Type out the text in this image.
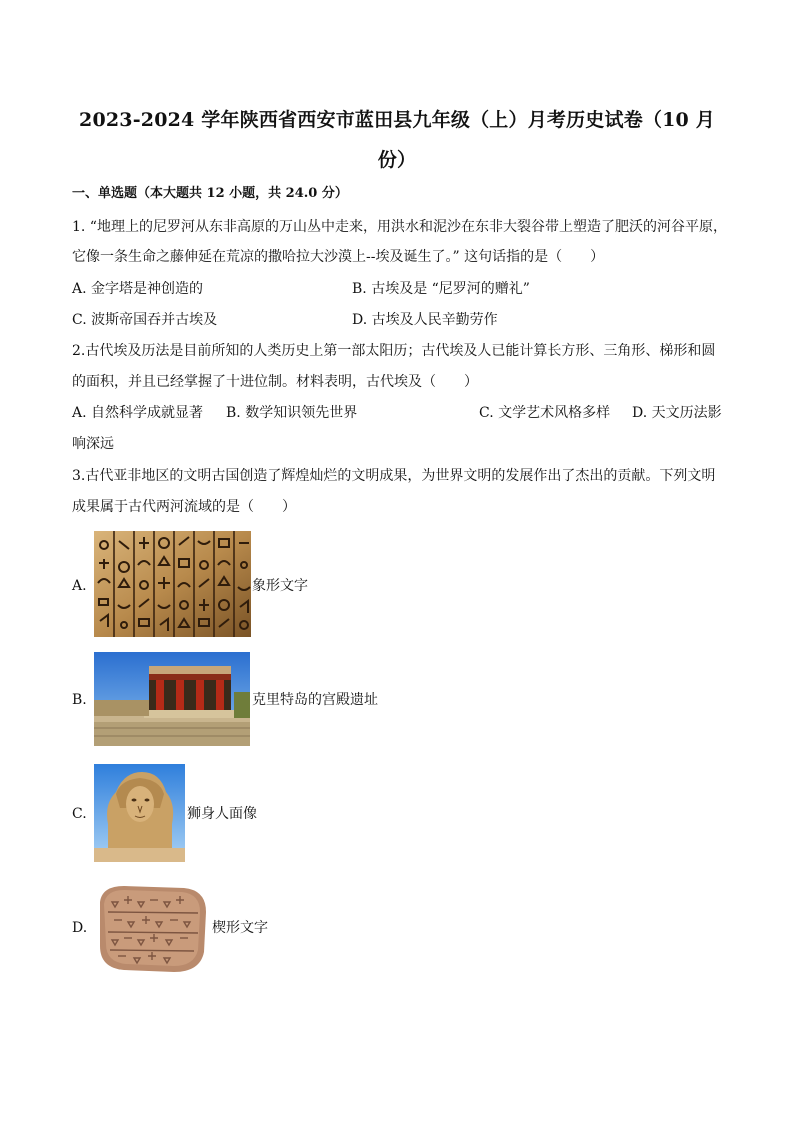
2023-2024 学年陕西省西安市蓝田县九年级（上）月考历史试卷（10 月
份）
一、单选题（本大题共 12 小题，共 24.0 分）
1. “地理上的尼罗河从东非高原的万山丛中走来，用洪水和泥沙在东非大裂谷带上塑造了肥沃的河谷平原，
它像一条生命之藤伸延在荒凉的撒哈拉大沙漠上--埃及诞生了。” 这句话指的是（　　）
A. 金字塔是神创造的	B. 古埃及是 “尼罗河的赠礼”
C. 波斯帝国吞并古埃及	D. 古埃及人民辛勤劳作
2.古代埃及历法是目前所知的人类历史上第一部太阳历；古代埃及人已能计算长方形、三角形、梯形和圆
的面积，并且已经掌握了十进位制。材料表明，古代埃及（　　）
A. 自然科学成就显著 B. 数学知识领先世界	C. 文学艺术风格多样 D. 天文历法影
响深远
3.古代亚非地区的文明古国创造了辉煌灿烂的文明成果，为世界文明的发展作出了杰出的贡献。下列文明
成果属于古代两河流域的是（　　）
A.	象形文字
B.	克里特岛的宫殿遗址
C.	狮身人面像
D.	楔形文字
